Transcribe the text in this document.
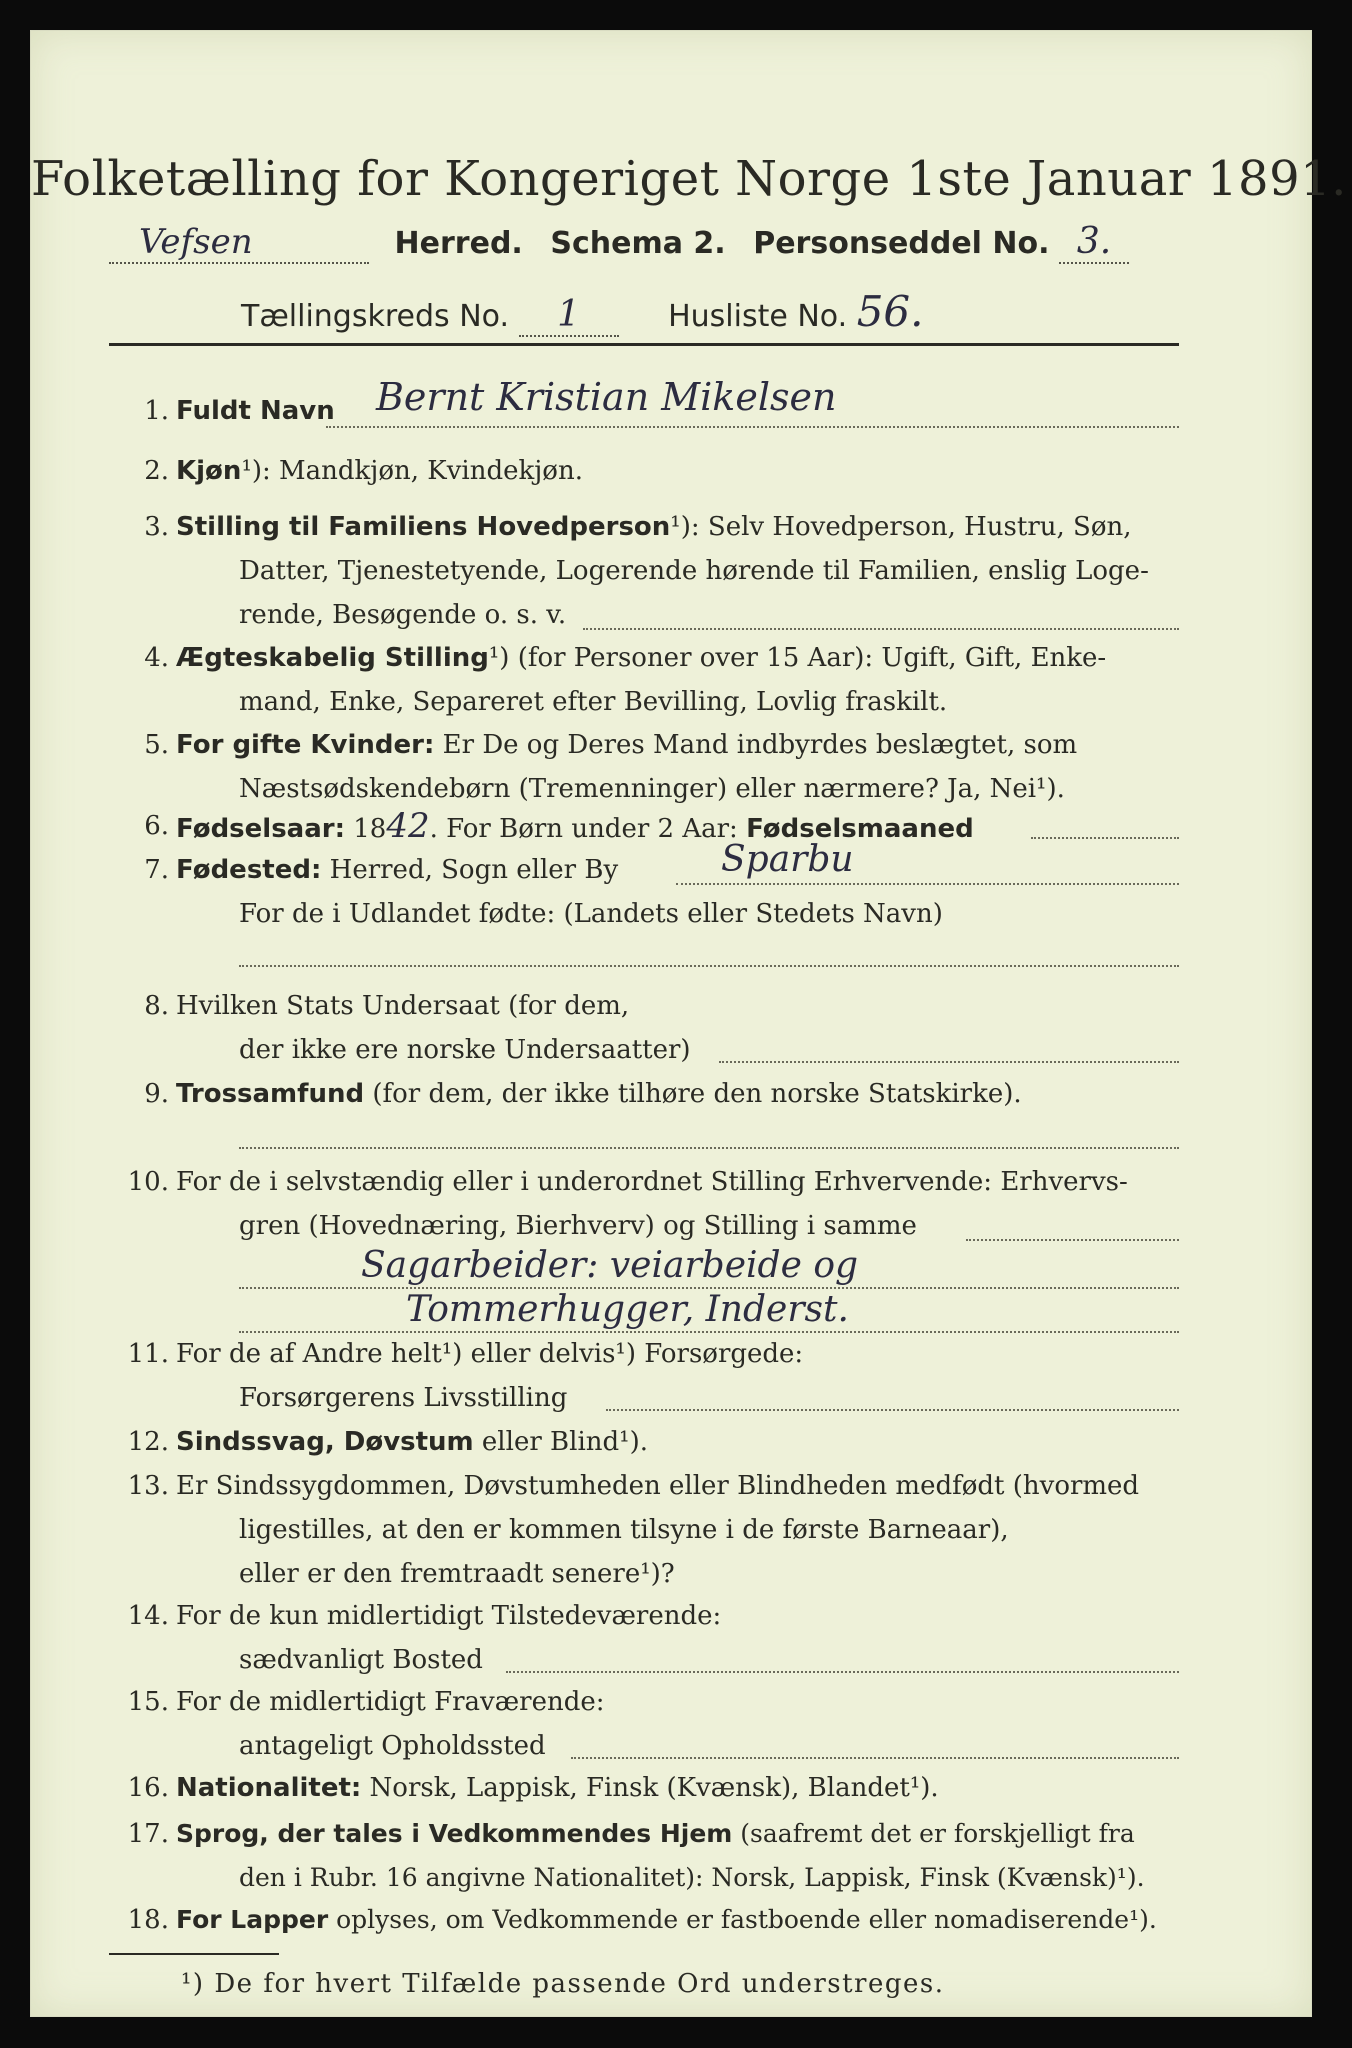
Folketælling for Kongeriget Norge 1ste Januar 1891.
Vefsen	Herred. Schema 2. Personseddel No. 3.
Tællingskreds No. 1	Husliste No. 56.
1. Fuldt Navn Bernt Kristian Mikelsen
2. Kjøn¹): Mandkjøn, Kvindekjøn.
3. Stilling til Familiens Hovedperson¹): Selv Hovedperson, Hustru, Søn,
Datter, Tjenestetyende, Logerende hørende til Familien, enslig Loge-
rende, Besøgende o. s. v.
4. Ægteskabelig Stilling¹) (for Personer over 15 Aar): Ugift, Gift, Enke-
mand, Enke, Separeret efter Bevilling, Lovlig fraskilt.
5. For gifte Kvinder: Er De og Deres Mand indbyrdes beslægtet, som
Næstsødskendebørn (Tremenninger) eller nærmere? Ja, Nei¹).
6. Fødselsaar: 1842. For Børn under 2 Aar: Fødselsmaaned
7. Fødested: Herred, Sogn eller By	Sparbu
For de i Udlandet fødte: (Landets eller Stedets Navn)
8. Hvilken Stats Undersaat (for dem,
der ikke ere norske Undersaatter)
9. Trossamfund (for dem, der ikke tilhøre den norske Statskirke).
10. For de i selvstændig eller i underordnet Stilling Erhvervende: Erhvervs-
gren (Hovednæring, Bierhverv) og Stilling i samme
Sagarbeider: veiarbeide og
Tommerhugger, Inderst.
11. For de af Andre helt¹) eller delvis¹) Forsørgede:
Forsørgerens Livsstilling
12. Sindssvag, Døvstum eller Blind¹).
13. Er Sindssygdommen, Døvstumheden eller Blindheden medfødt (hvormed
ligestilles, at den er kommen tilsyne i de første Barneaar),
eller er den fremtraadt senere¹)?
14. For de kun midlertidigt Tilstedeværende:
sædvanligt Bosted
15. For de midlertidigt Fraværende:
antageligt Opholdssted
16. Nationalitet: Norsk, Lappisk, Finsk (Kvænsk), Blandet¹).
17. Sprog, der tales i Vedkommendes Hjem (saafremt det er forskjelligt fra
den i Rubr. 16 angivne Nationalitet): Norsk, Lappisk, Finsk (Kvænsk)¹).
18. For Lapper oplyses, om Vedkommende er fastboende eller nomadiserende¹).
¹) De for hvert Tilfælde passende Ord understreges.
